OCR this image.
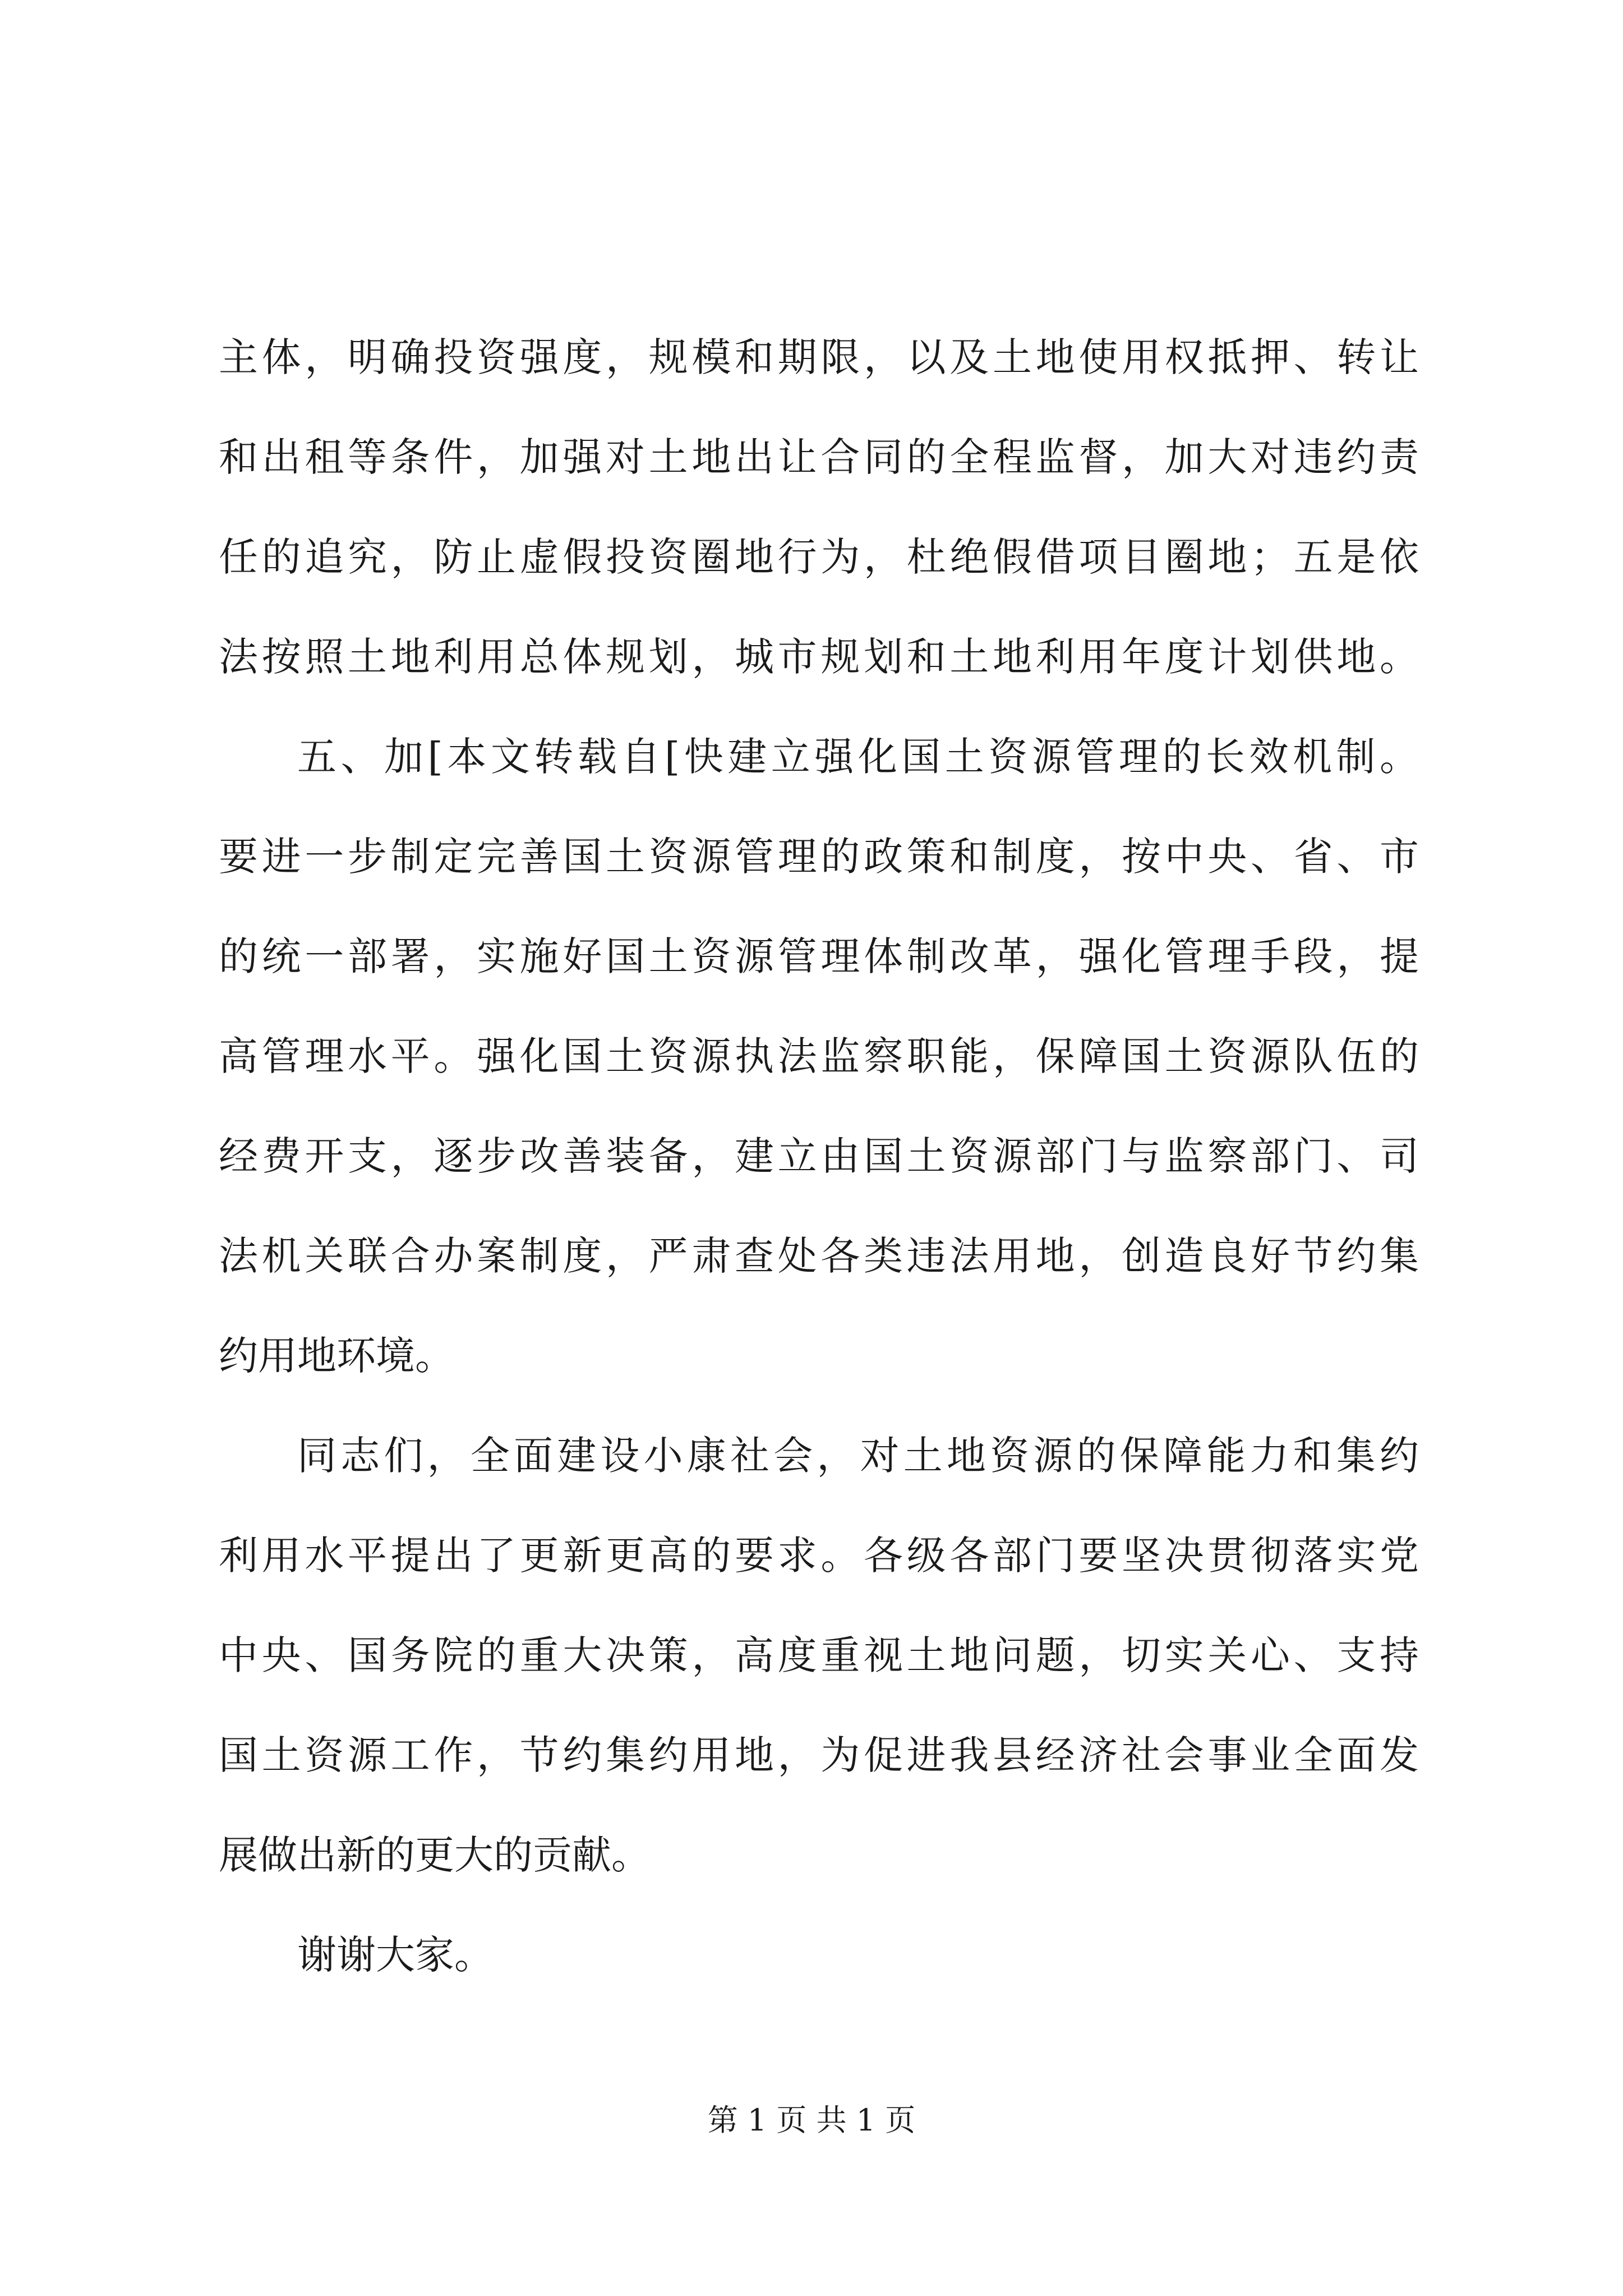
主体，明确投资强度，规模和期限，以及土地使用权抵押、转让
和出租等条件，加强对土地出让合同的全程监督，加大对违约责
任的追究，防止虚假投资圈地行为，杜绝假借项目圈地；五是依
法按照土地利用总体规划，城市规划和土地利用年度计划供地。
五、加[本文转载自[快建立强化国土资源管理的长效机制。
要进一步制定完善国土资源管理的政策和制度，按中央、省、市
的统一部署，实施好国土资源管理体制改革，强化管理手段，提
高管理水平。强化国土资源执法监察职能，保障国土资源队伍的
经费开支，逐步改善装备，建立由国土资源部门与监察部门、司
法机关联合办案制度，严肃查处各类违法用地，创造良好节约集
约用地环境。
同志们，全面建设小康社会，对土地资源的保障能力和集约
利用水平提出了更新更高的要求。各级各部门要坚决贯彻落实党
中央、国务院的重大决策，高度重视土地问题，切实关心、支持
国土资源工作，节约集约用地，为促进我县经济社会事业全面发
展做出新的更大的贡献。
谢谢大家。
第 1 页 共 1 页
